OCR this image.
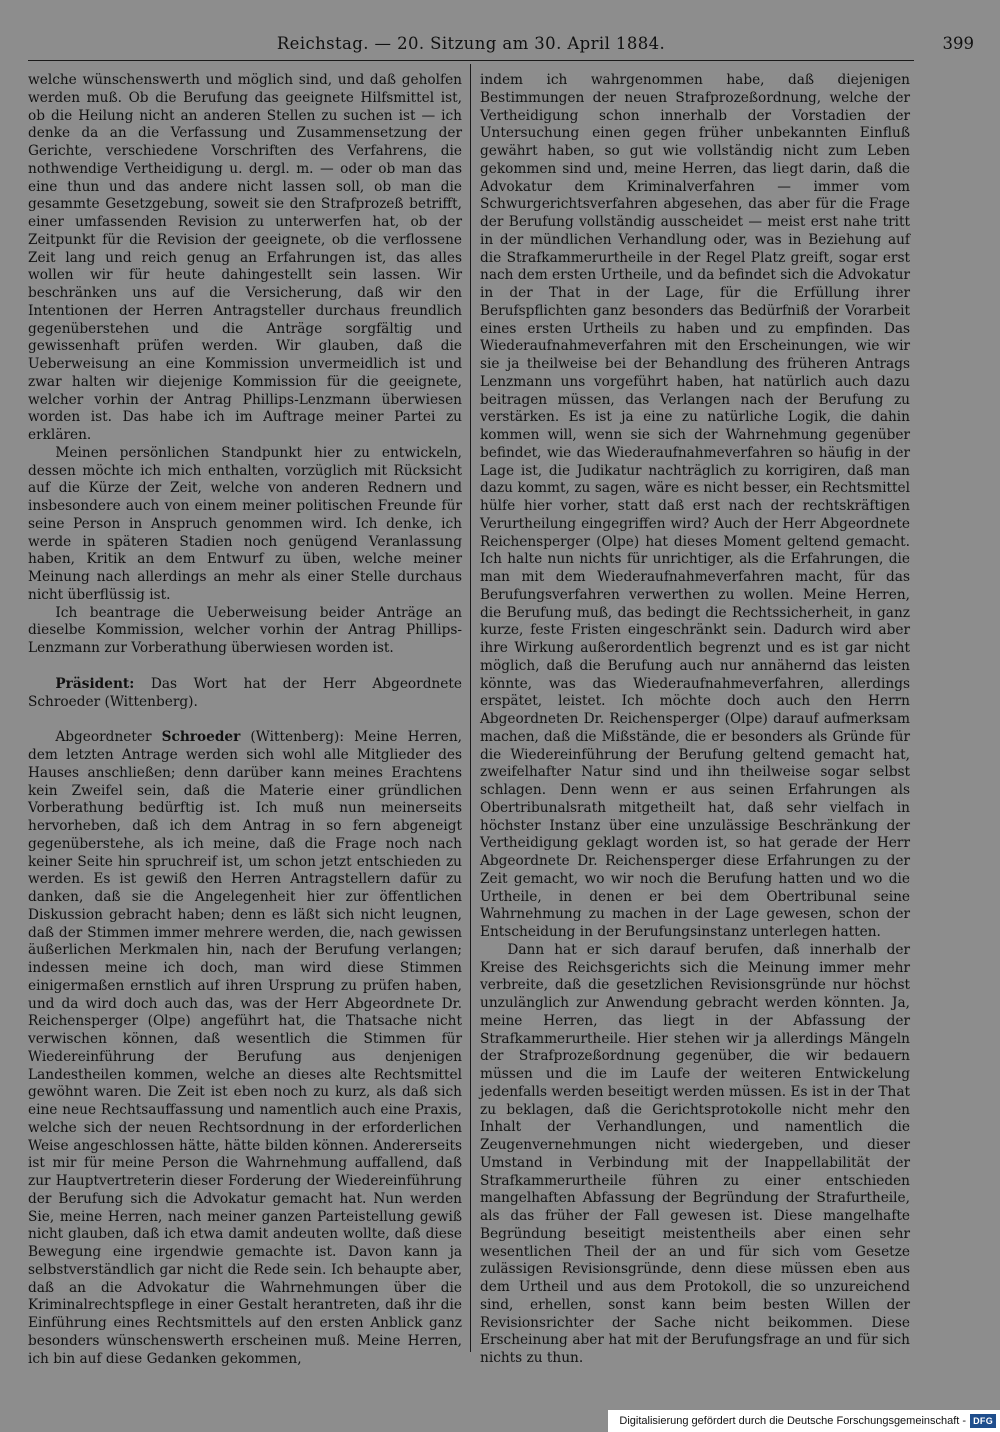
Reichstag. — 20. Sitzung am 30. April 1884.	399

welche wünschenswerth und möglich sind, und daß geholfen werden muß. Ob die Berufung das geeignete Hilfsmittel ist, ob die Heilung nicht an anderen Stellen zu suchen ist — ich denke da an die Verfassung und Zusammensetzung der Gerichte, verschiedene Vorschriften des Verfahrens, die nothwendige Vertheidigung u. dergl. m. — oder ob man das eine thun und das andere nicht lassen soll, ob man die gesammte Gesetzgebung, soweit sie den Strafprozeß betrifft, einer umfassenden Revision zu unterwerfen hat, ob der Zeitpunkt für die Revision der geeignete, ob die verflossene Zeit lang und reich genug an Erfahrungen ist, das alles wollen wir für heute dahingestellt sein lassen. Wir beschränken uns auf die Versicherung, daß wir den Intentionen der Herren Antragsteller durchaus freundlich gegenüberstehen und die Anträge sorgfältig und gewissenhaft prüfen werden. Wir glauben, daß die Ueberweisung an eine Kommission unvermeidlich ist und zwar halten wir diejenige Kommission für die geeignete, welcher vorhin der Antrag Phillips-Lenzmann überwiesen worden ist. Das habe ich im Auftrage meiner Partei zu erklären.

Meinen persönlichen Standpunkt hier zu entwickeln, dessen möchte ich mich enthalten, vorzüglich mit Rücksicht auf die Kürze der Zeit, welche von anderen Rednern und insbesondere auch von einem meiner politischen Freunde für seine Person in Anspruch genommen wird. Ich denke, ich werde in späteren Stadien noch genügend Veranlassung haben, Kritik an dem Entwurf zu üben, welche meiner Meinung nach allerdings an mehr als einer Stelle durchaus nicht überflüssig ist.

Ich beantrage die Ueberweisung beider Anträge an dieselbe Kommission, welcher vorhin der Antrag Phillips-Lenzmann zur Vorberathung überwiesen worden ist.

Präsident: Das Wort hat der Herr Abgeordnete Schroeder (Wittenberg).

Abgeordneter Schroeder (Wittenberg): Meine Herren, dem letzten Antrage werden sich wohl alle Mitglieder des Hauses anschließen; denn darüber kann meines Erachtens kein Zweifel sein, daß die Materie einer gründlichen Vorberathung bedürftig ist. Ich muß nun meinerseits hervorheben, daß ich dem Antrag in so fern abgeneigt gegenüberstehe, als ich meine, daß die Frage noch nach keiner Seite hin spruchreif ist, um schon jetzt entschieden zu werden. Es ist gewiß den Herren Antragstellern dafür zu danken, daß sie die Angelegenheit hier zur öffentlichen Diskussion gebracht haben; denn es läßt sich nicht leugnen, daß der Stimmen immer mehrere werden, die, nach gewissen äußerlichen Merkmalen hin, nach der Berufung verlangen; indessen meine ich doch, man wird diese Stimmen einigermaßen ernstlich auf ihren Ursprung zu prüfen haben, und da wird doch auch das, was der Herr Abgeordnete Dr. Reichensperger (Olpe) angeführt hat, die Thatsache nicht verwischen können, daß wesentlich die Stimmen für Wiedereinführung der Berufung aus denjenigen Landestheilen kommen, welche an dieses alte Rechtsmittel gewöhnt waren. Die Zeit ist eben noch zu kurz, als daß sich eine neue Rechtsauffassung und namentlich auch eine Praxis, welche sich der neuen Rechtsordnung in der erforderlichen Weise angeschlossen hätte, hätte bilden können. Andererseits ist mir für meine Person die Wahrnehmung auffallend, daß zur Hauptvertreterin dieser Forderung der Wiedereinführung der Berufung sich die Advokatur gemacht hat. Nun werden Sie, meine Herren, nach meiner ganzen Parteistellung gewiß nicht glauben, daß ich etwa damit andeuten wollte, daß diese Bewegung eine irgendwie gemachte ist. Davon kann ja selbstverständlich gar nicht die Rede sein. Ich behaupte aber, daß an die Advokatur die Wahrnehmungen über die Kriminalrechtspflege in einer Gestalt herantreten, daß ihr die Einführung eines Rechtsmittels auf den ersten Anblick ganz besonders wünschenswerth erscheinen muß. Meine Herren, ich bin auf diese Gedanken gekommen,

indem ich wahrgenommen habe, daß diejenigen Bestimmungen der neuen Strafprozeßordnung, welche der Vertheidigung schon innerhalb der Vorstadien der Untersuchung einen gegen früher unbekannten Einfluß gewährt haben, so gut wie vollständig nicht zum Leben gekommen sind und, meine Herren, das liegt darin, daß die Advokatur dem Kriminalverfahren — immer vom Schwurgerichtsverfahren abgesehen, das aber für die Frage der Berufung vollständig ausscheidet — meist erst nahe tritt in der mündlichen Verhandlung oder, was in Beziehung auf die Strafkammerurtheile in der Regel Platz greift, sogar erst nach dem ersten Urtheile, und da befindet sich die Advokatur in der That in der Lage, für die Erfüllung ihrer Berufspflichten ganz besonders das Bedürfniß der Vorarbeit eines ersten Urtheils zu haben und zu empfinden. Das Wiederaufnahmeverfahren mit den Erscheinungen, wie wir sie ja theilweise bei der Behandlung des früheren Antrags Lenzmann uns vorgeführt haben, hat natürlich auch dazu beitragen müssen, das Verlangen nach der Berufung zu verstärken. Es ist ja eine zu natürliche Logik, die dahin kommen will, wenn sie sich der Wahrnehmung gegenüber befindet, wie das Wiederaufnahmeverfahren so häufig in der Lage ist, die Judikatur nachträglich zu korrigiren, daß man dazu kommt, zu sagen, wäre es nicht besser, ein Rechtsmittel hülfe hier vorher, statt daß erst nach der rechtskräftigen Verurtheilung eingegriffen wird? Auch der Herr Abgeordnete Reichensperger (Olpe) hat dieses Moment geltend gemacht. Ich halte nun nichts für unrichtiger, als die Erfahrungen, die man mit dem Wiederaufnahmeverfahren macht, für das Berufungsverfahren verwerthen zu wollen. Meine Herren, die Berufung muß, das bedingt die Rechtssicherheit, in ganz kurze, feste Fristen eingeschränkt sein. Dadurch wird aber ihre Wirkung außerordentlich begrenzt und es ist gar nicht möglich, daß die Berufung auch nur annähernd das leisten könnte, was das Wiederaufnahmeverfahren, allerdings erspätet, leistet. Ich möchte doch auch den Herrn Abgeordneten Dr. Reichensperger (Olpe) darauf aufmerksam machen, daß die Mißstände, die er besonders als Gründe für die Wiedereinführung der Berufung geltend gemacht hat, zweifelhafter Natur sind und ihn theilweise sogar selbst schlagen. Denn wenn er aus seinen Erfahrungen als Obertribunalsrath mitgetheilt hat, daß sehr vielfach in höchster Instanz über eine unzulässige Beschränkung der Vertheidigung geklagt worden ist, so hat gerade der Herr Abgeordnete Dr. Reichensperger diese Erfahrungen zu der Zeit gemacht, wo wir noch die Berufung hatten und wo die Urtheile, in denen er bei dem Obertribunal seine Wahrnehmung zu machen in der Lage gewesen, schon der Entscheidung in der Berufungsinstanz unterlegen hatten.

Dann hat er sich darauf berufen, daß innerhalb der Kreise des Reichsgerichts sich die Meinung immer mehr verbreite, daß die gesetzlichen Revisionsgründe nur höchst unzulänglich zur Anwendung gebracht werden könnten. Ja, meine Herren, das liegt in der Abfassung der Strafkammerurtheile. Hier stehen wir ja allerdings Mängeln der Strafprozeßordnung gegenüber, die wir bedauern müssen und die im Laufe der weiteren Entwickelung jedenfalls werden beseitigt werden müssen. Es ist in der That zu beklagen, daß die Gerichtsprotokolle nicht mehr den Inhalt der Verhandlungen, und namentlich die Zeugenvernehmungen nicht wiedergeben, und dieser Umstand in Verbindung mit der Inappellabilität der Strafkammerurtheile führen zu einer entschieden mangelhaften Abfassung der Begründung der Strafurtheile, als das früher der Fall gewesen ist. Diese mangelhafte Begründung beseitigt meistentheils aber einen sehr wesentlichen Theil der an und für sich vom Gesetze zulässigen Revisionsgründe, denn diese müssen eben aus dem Urtheil und aus dem Protokoll, die so unzureichend sind, erhellen, sonst kann beim besten Willen der Revisionsrichter der Sache nicht beikommen. Diese Erscheinung aber hat mit der Berufungsfrage an und für sich nichts zu thun.

Digitalisierung gefördert durch die Deutsche Forschungsgemeinschaft - DFG
